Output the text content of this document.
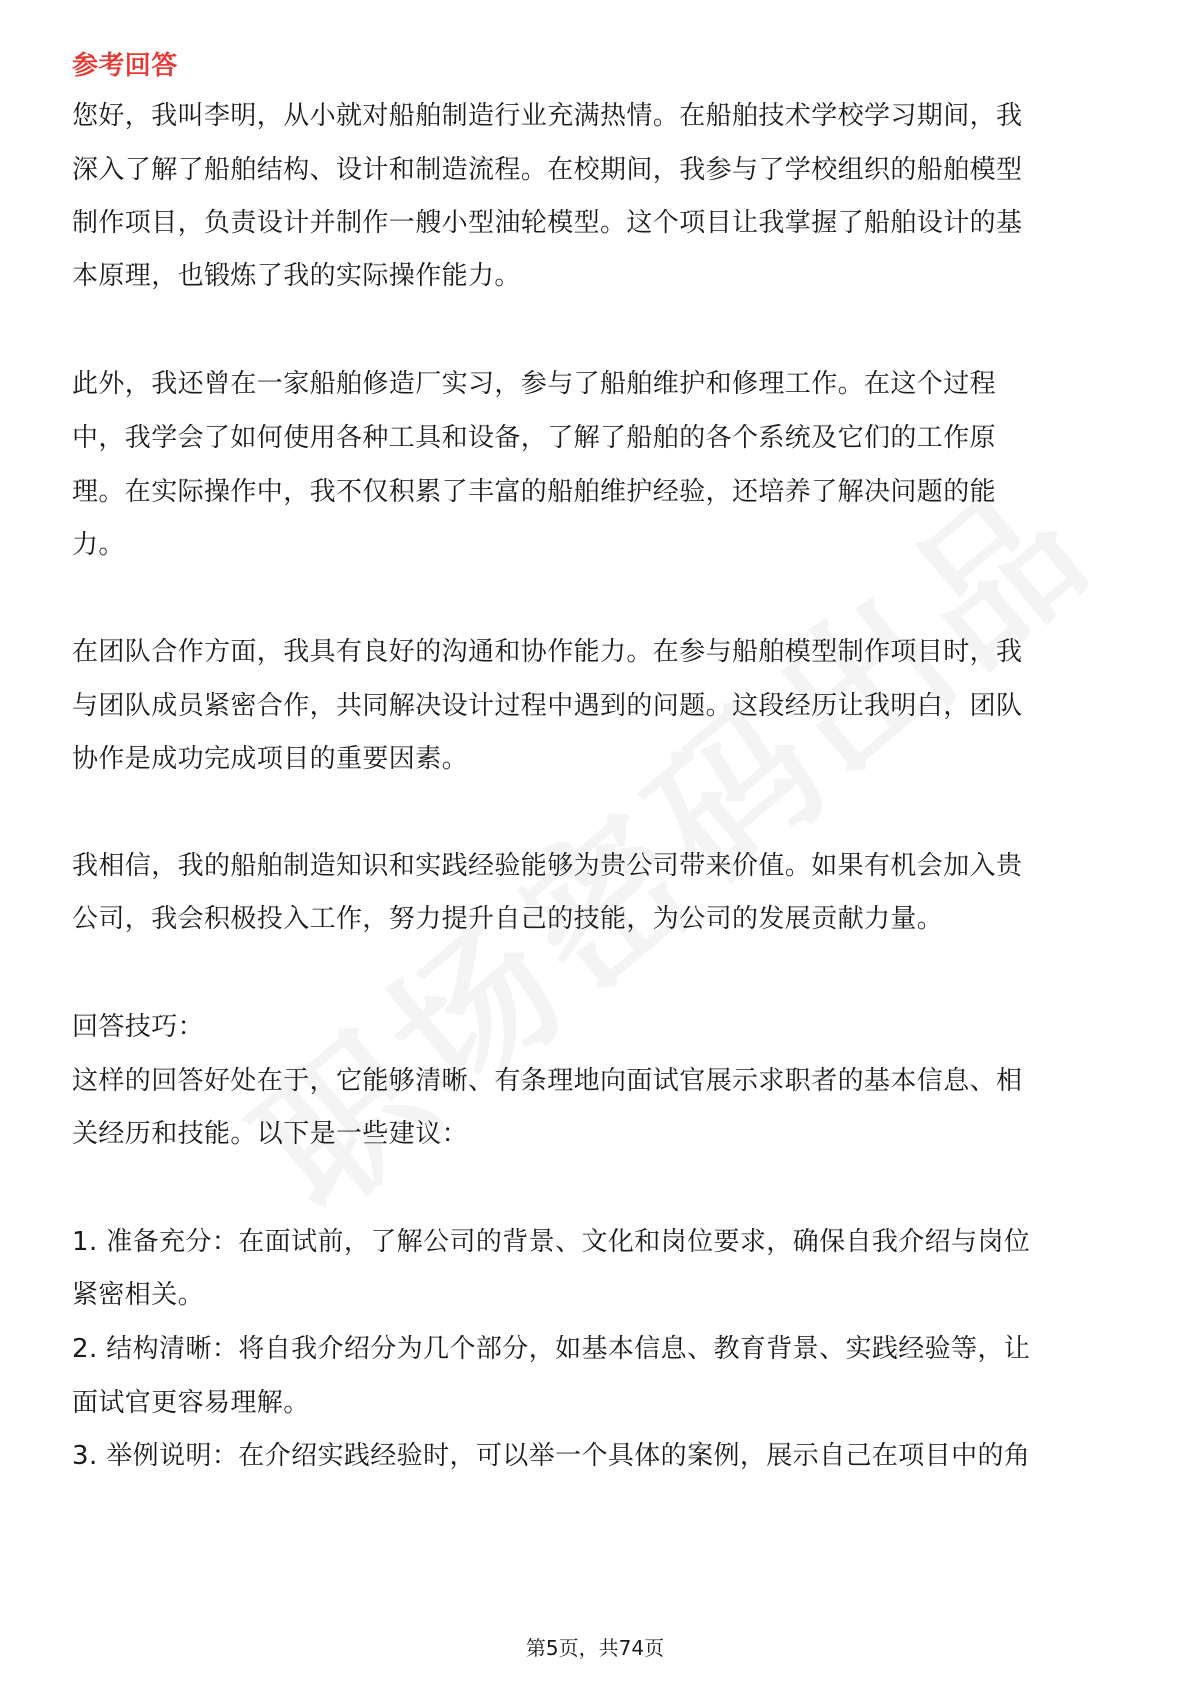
参考回答
您好，我叫李明，从小就对船舶制造行业充满热情。在船舶技术学校学习期间，我
深入了解了船舶结构、设计和制造流程。在校期间，我参与了学校组织的船舶模型
制作项目，负责设计并制作一艘小型油轮模型。这个项目让我掌握了船舶设计的基
本原理，也锻炼了我的实际操作能力。
此外，我还曾在一家船舶修造厂实习，参与了船舶维护和修理工作。在这个过程
中，我学会了如何使用各种工具和设备，了解了船舶的各个系统及它们的工作原
理。在实际操作中，我不仅积累了丰富的船舶维护经验，还培养了解决问题的能
力。
在团队合作方面，我具有良好的沟通和协作能力。在参与船舶模型制作项目时，我
与团队成员紧密合作，共同解决设计过程中遇到的问题。这段经历让我明白，团队
协作是成功完成项目的重要因素。
我相信，我的船舶制造知识和实践经验能够为贵公司带来价值。如果有机会加入贵
公司，我会积极投入工作，努力提升自己的技能，为公司的发展贡献力量。
回答技巧：
这样的回答好处在于，它能够清晰、有条理地向面试官展示求职者的基本信息、相
关经历和技能。以下是一些建议：
1. 准备充分：在面试前，了解公司的背景、文化和岗位要求，确保自我介绍与岗位
紧密相关。
2. 结构清晰：将自我介绍分为几个部分，如基本信息、教育背景、实践经验等，让
面试官更容易理解。
3. 举例说明：在介绍实践经验时，可以举一个具体的案例，展示自己在项目中的角
第5页，共74页
